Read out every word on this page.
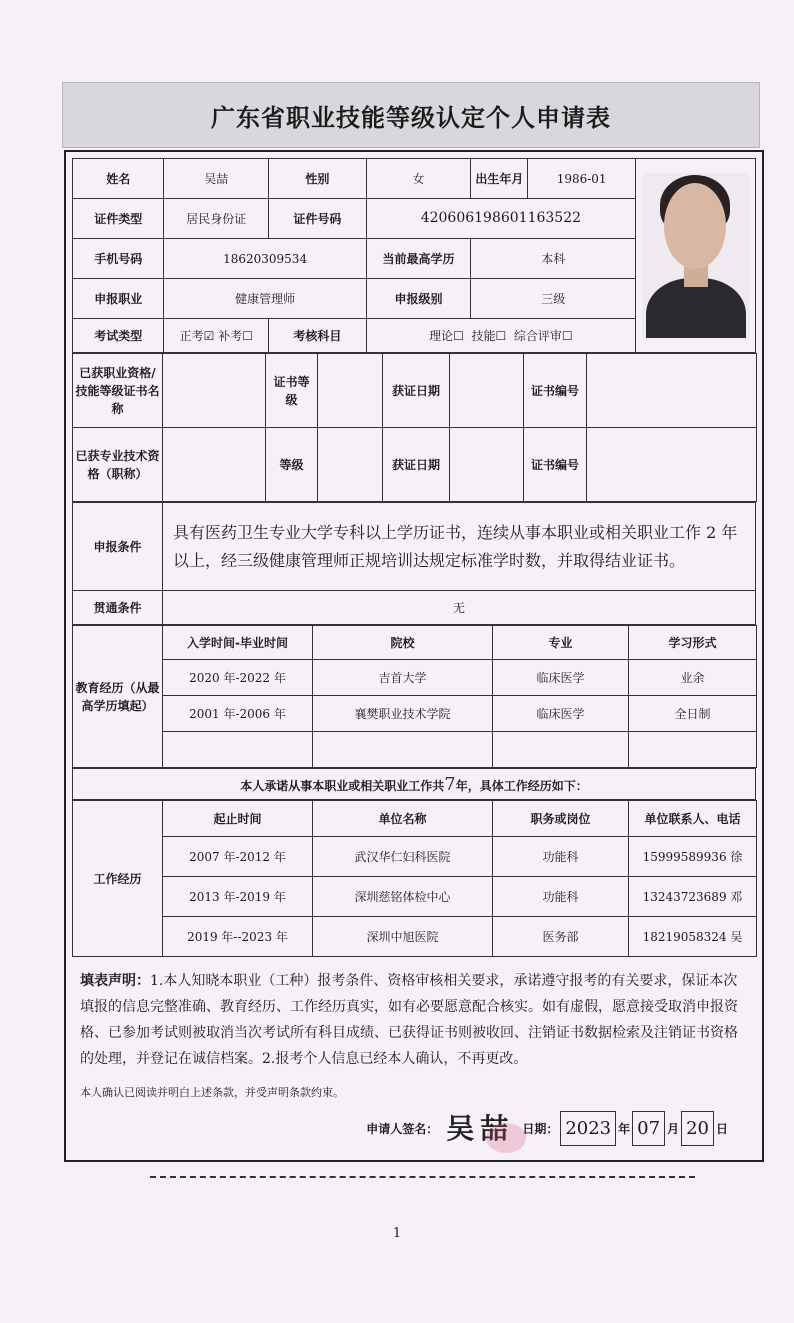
广东省职业技能等级认定个人申请表
姓名	吴喆	性别	女	出生年月	1986-01	

证件类型	居民身份证	证件号码	420606198601163522			
手机号码	18620309534		当前最高学历	本科		
申报职业	健康管理师		申报级别	三级		
考试类型	正考☑ 补考☐	考核科目	理论☐ 技能☐ 综合评审☐			
已获职业资格/技能等级证书名称		证书等级		获证日期		证书编号	
已获专业技术资格（职称）		等级		获证日期		证书编号	
申报条件	具有医药卫生专业大学专科以上学历证书，连续从事本职业或相关职业工作 2 年以上，经三级健康管理师正规培训达规定标准学时数，并取得结业证书。
贯通条件	无
教育经历（从最高学历填起）	入学时间-毕业时间	院校	专业	学习形式
	2020 年-2022 年	吉首大学	临床医学	业余
	2001 年-2006 年	襄樊职业技术学院	临床医学	全日制

本人承诺从事本职业或相关职业工作共7年，具体工作经历如下：
工作经历	起止时间	单位名称	职务或岗位	单位联系人、电话
	2007 年-2012 年	武汉华仁妇科医院	功能科	15999589936 徐
	2013 年-2019 年	深圳慈铭体检中心	功能科	13243723689 邓
	2019 年--2023 年	深圳中旭医院	医务部	18219058324 吴
填表声明：1.本人知晓本职业（工种）报考条件、资格审核相关要求，承诺遵守报考的有关要求，保证本次填报的信息完整准确、教育经历、工作经历真实，如有必要愿意配合核实。如有虚假，愿意接受取消申报资格、已参加考试则被取消当次考试所有科目成绩、已获得证书则被收回、注销证书数据检索及注销证书资格的处理，并登记在诚信档案。2.报考个人信息已经本人确认，不再更改。
本人确认已阅读并明白上述条款，并受声明条款约束。
申请人签名： 吴喆 日期： 2023 年 07 月 20 日
1
